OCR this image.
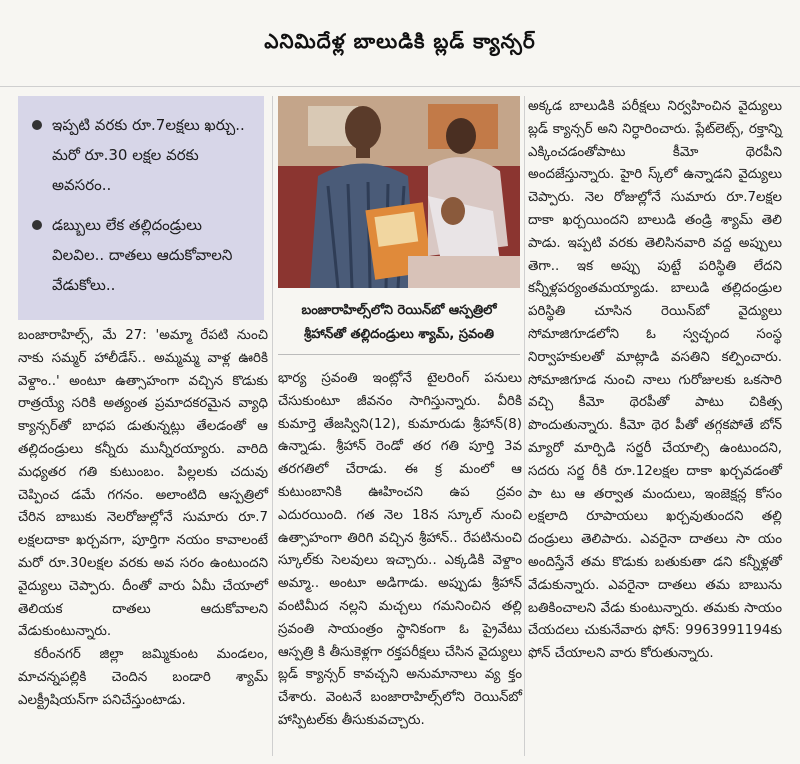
ఎనిమిదేళ్ల బాలుడికి బ్లడ్ క్యాన్సర్
ఇప్పటి వరకు రూ.7లక్షలు ఖర్చు.. మరో రూ.30 లక్షల వరకు అవసరం..
డబ్బులు లేక తల్లిదండ్రులు విలవిల.. దాతలు ఆదుకోవాలని వేడుకోలు..
బంజారాహిల్స్‌లోని రెయిన్‌బో ఆస్పత్రిలో
శ్రీహాన్‌తో తల్లిదండ్రులు శ్యామ్, స్రవంతి

బంజారాహిల్స్, మే 27: 'అమ్మా రేపటి నుంచి నాకు సమ్మర్ హాలీడేస్.. అమ్మమ్మ వాళ్ల ఊరికి వెళ్దాం..' అంటూ ఉత్సాహంగా వచ్చిన కొడుకు రాత్రయ్యే సరికి అత్యంత ప్రమాదకరమైన వ్యాధి క్యాన్సర్‌తో బాధప డుతున్నట్లు తేలడంతో ఆ తల్లిదండ్రులు కన్నీరు మున్నీరయ్యారు. వారిది మధ్యతర గతి కుటుంబం. పిల్లలకు చదువు చెప్పించ డమే గగనం. అలాంటిది ఆస్పత్రిలో చేరిన బాబుకు నెలరోజుల్లోనే సుమారు రూ.7 లక్షలదాకా ఖర్చవగా, పూర్తిగా నయం కావాలంటే మరో రూ.30లక్షల వరకు అవ సరం ఉంటుందని వైద్యులు చెప్పారు. దీంతో వారు ఏమీ చేయాలో తెలియక దాతలు ఆదుకోవాలని వేడుకుంటున్నారు.

కరీంనగర్ జిల్లా జమ్మికుంట మండలం, మాచన్నపల్లికి చెందిన బండారి శ్యామ్ ఎలక్ట్రీషియన్‌గా పనిచేస్తుంటాడు.

భార్య స్రవంతి ఇంట్లోనే టైలరింగ్ పనులు చేసుకుంటూ జీవనం సాగిస్తున్నారు. వీరికి కుమార్తె తేజస్విని(12), కుమారుడు శ్రీహాన్(8) ఉన్నాడు. శ్రీహాన్ రెండో తర గతి పూర్తి 3వ తరగతిలో చేరాడు. ఈ క్ర మంలో ఆ కుటుంబానికి ఊహించని ఉప ద్రవం ఎదురయింది. గత నెల 18న స్కూల్ నుంచి ఉత్సాహంగా తిరిగి వచ్చిన శ్రీహాన్.. రేపటినుంచి స్కూల్‌కు సెలవులు ఇచ్చారు.. ఎక్కడికి వెళ్దాం అమ్మా.. అంటూ అడిగాడు. అప్పుడు శ్రీహాన్ వంటిమీద నల్లని మచ్చలు గమనించిన తల్లి స్రవంతి సాయంత్రం స్థానికంగా ఓ ప్రైవేటు ఆస్పత్రి కి తీసుకెళ్లగా రక్తపరీక్షలు చేసిన వైద్యులు బ్లడ్ క్యాన్సర్ కావచ్చని అనుమానాలు వ్య క్తం చేశారు. వెంటనే బంజారాహిల్స్‌లోని రెయిన్‌బో హాస్పిటల్‌కు తీసుకువచ్చారు.

అక్కడ బాలుడికి పరీక్షలు నిర్వహించిన వైద్యులు బ్లడ్ క్యాన్సర్ అని నిర్ధారించారు. ప్లేట్‌లెట్స్, రక్తాన్ని ఎక్కించడంతోపాటు కీమో థెరపీని అందజేస్తున్నారు. హైరి స్క్‌లో ఉన్నాడని వైద్యులు చెప్పారు. నెల రోజుల్లోనే సుమారు రూ.7లక్షల దాకా ఖర్చయిందని బాలుడి తండ్రి శ్యామ్ తెలి పాడు. ఇప్పటి వరకు తెలిసినవారి వద్ద అప్పులు తెగా.. ఇక అప్పు పుట్టే పరిస్థితి లేదని కన్నీళ్లపర్యంతమయ్యాడు. బాలుడి తల్లిదండ్రుల పరిస్థితి చూసిన రెయిన్‌బో వైద్యులు సోమాజిగూడలోని ఓ స్వచ్ఛంద సంస్థ నిర్వాహకులతో మాట్లాడి వసతిని కల్పించారు. సోమాజిగూడ నుంచి నాలు గురోజులకు ఒకసారి వచ్చి కీమో థెరపీతో పాటు చికిత్స పొందుతున్నారు. కీమో థెర పీతో తగ్గకపోతే బోన్ మ్యారో మార్పిడి సర్జరీ చేయాల్సి ఉంటుందని, సదరు సర్జ రీకి రూ.12లక్షల దాకా ఖర్చవడంతో పా టు ఆ తర్వాత మందులు, ఇంజెక్షన్ల కోసం లక్షలాది రూపాయలు ఖర్చవుతుందని తల్లి దండ్రులు తెలిపారు. ఎవరైనా దాతలు సా యం అందిస్తేనే తమ కొడుకు బతుకుతా డని కన్నీళ్లతో వేడుకున్నారు. ఎవరైనా దాతలు తమ బాబును బతికించాలని వేడు కుంటున్నారు. తమకు సాయం చేయదలు చుకునేవారు ఫోన్: 9963991194కు ఫోన్ చేయాలని వారు కోరుతున్నారు.
